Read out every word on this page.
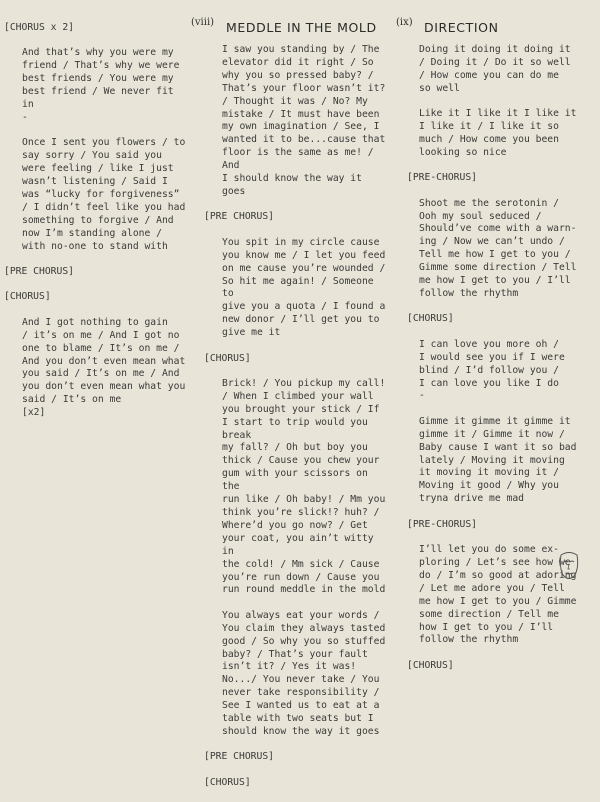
[CHORUS x 2]
And that’s why you were my
friend / That’s why we were
best friends / You were my
best friend / We never fit in
-
Once I sent you flowers / to
say sorry / You said you
were feeling / like I just
wasn’t listening / Said I
was “lucky for forgiveness”
/ I didn’t feel like you had
something to forgive / And
now I’m standing alone /
with no-one to stand with
[PRE CHORUS]
[CHORUS]
And I got nothing to gain
/ it’s on me / And I got no
one to blame / It’s on me /
And you don’t even mean what
you said / It’s on me / And
you don’t even mean what you
said / It’s on me
[x2]
(viii) MEDDLE IN THE MOLD
I saw you standing by / The
elevator did it right / So
why you so pressed baby? /
That’s your floor wasn’t it?
/ Thought it was / No? My
mistake / It must have been
my own imagination / See, I
wanted it to be...cause that
floor is the same as me! / And
I should know the way it goes
[PRE CHORUS]
You spit in my circle cause
you know me / I let you feed
on me cause you’re wounded /
So hit me again! / Someone to
give you a quota / I found a
new donor / I’ll get you to
give me it
[CHORUS]
Brick! / You pickup my call!
/ When I climbed your wall
you brought your stick / If
I start to trip would you break
my fall? / Oh but boy you
thick / Cause you chew your
gum with your scissors on the
run like / Oh baby! / Mm you
think you’re slick!? huh? /
Where’d you go now? / Get
your coat, you ain’t witty in
the cold! / Mm sick / Cause
you’re run down / Cause you
run round meddle in the mold
You always eat your words /
You claim they always tasted
good / So why you so stuffed
baby? / That’s your fault
isn’t it? / Yes it was!
No.../ You never take / You
never take responsibility /
See I wanted us to eat at a
table with two seats but I
should know the way it goes
[PRE CHORUS]
[CHORUS]
(ix) DIRECTION
Doing it doing it doing it
/ Doing it / Do it so well
/ How come you can do me
so well
Like it I like it I like it
I like it / I like it so
much / How come you been
looking so nice
[PRE-CHORUS]
Shoot me the serotonin /
Ooh my soul seduced /
Should’ve come with a warn-
ing / Now we can’t undo /
Tell me how I get to you /
Gimme some direction / Tell
me how I get to you / I’ll
follow the rhythm
[CHORUS]
I can love you more oh /
I would see you if I were
blind / I’d follow you /
I can love you like I do
-
Gimme it gimme it gimme it
gimme it / Gimme it now /
Baby cause I want it so bad
lately / Moving it moving
it moving it moving it /
Moving it good / Why you
tryna drive me mad
[PRE-CHORUS]
I’ll let you do some ex-
ploring / Let’s see how we
do / I’m so good at adoring
/ Let me adore you / Tell
me how I get to you / Gimme
some direction / Tell me
how I get to you / I’ll
follow the rhythm
[CHORUS]
